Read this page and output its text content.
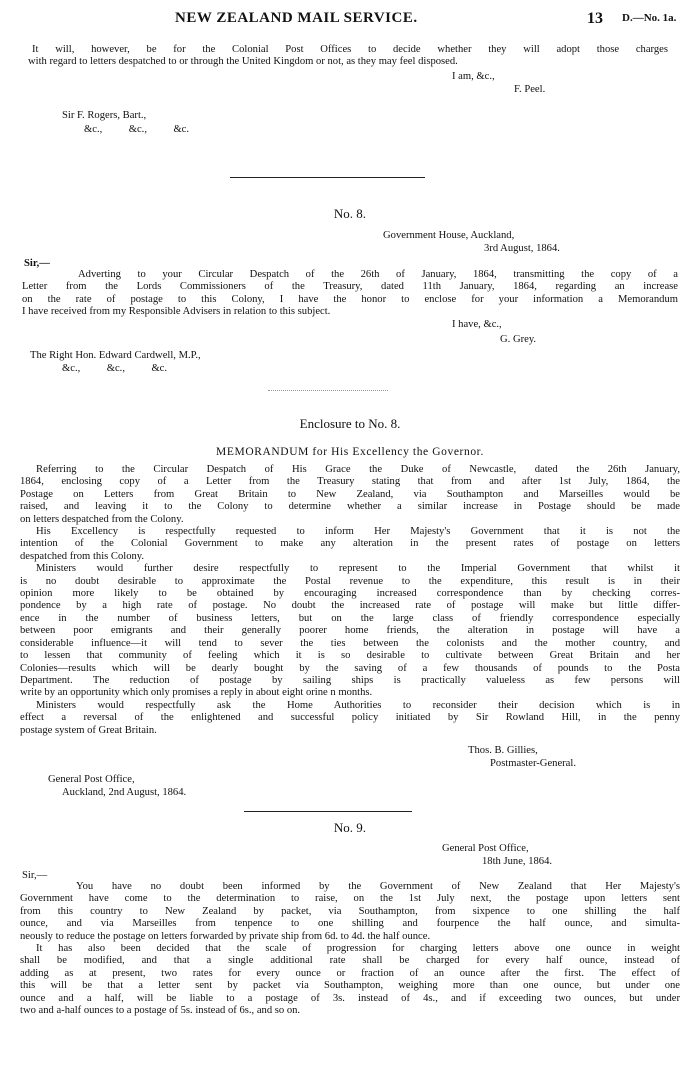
NEW ZEALAND MAIL SERVICE.	13 D.—No. 1a.

It will, however, be for the Colonial Post Offices to decide whether they will adopt those charges

with regard to letters despatched to or through the United Kingdom or not, as they may feel disposed.

I am, &c.,
F. Peel.
Sir F. Rogers, Bart.,
&c.,          &c.,          &c.
No. 8.
Government House, Auckland,
3rd August, 1864.
Sir,—

Adverting to your Circular Despatch of the 26th of January, 1864, transmitting the copy of a

Letter from the Lords Commissioners of the Treasury, dated 11th January, 1864, regarding an increase

on the rate of postage to this Colony, I have the honor to enclose for your information a Memorandum

I have received from my Responsible Advisers in relation to this subject.

I have, &c.,
G. Grey.
The Right Hon. Edward Cardwell, M.P.,
&c.,          &c.,          &c.
Enclosure to No. 8.
MEMORANDUM for His Excellency the Governor.

Referring to the Circular Despatch of His Grace the Duke of Newcastle, dated the 26th January,

1864, enclosing copy of a Letter from the Treasury stating that from and after 1st July, 1864, the

Postage on Letters from Great Britain to New Zealand, via Southampton and Marseilles would be

raised, and leaving it to the Colony to determine whether a similar increase in Postage should be made

on letters despatched from the Colony.

His Excellency is respectfully requested to inform Her Majesty's Government that it is not the

intention of the Colonial Government to make any alteration in the present rates of postage on letters

despatched from this Colony.

Ministers would further desire respectfully to represent to the Imperial Government that whilst it

is no doubt desirable to approximate the Postal revenue to the expenditure, this result is in their

opinion more likely to be obtained by encouraging increased correspondence than by checking corres-

pondence by a high rate of postage. No doubt the increased rate of postage will make but little differ-

ence in the number of business letters, but on the large class of friendly correspondence especially

between poor emigrants and their generally poorer home friends, the alteration in postage will have a

considerable influence—it will tend to sever the ties between the colonists and the mother country, and

to lessen that community of feeling which it is so desirable to cultivate between Great Britain and her

Colonies—results which will be dearly bought by the saving of a few thousands of pounds to the Posta

Department. The reduction of postage by sailing ships is practically valueless as few persons will

write by an opportunity which only promises a reply in about eight orine n months.

Ministers would respectfully ask the Home Authorities to reconsider their decision which is in

effect a reversal of the enlightened and successful policy initiated by Sir Rowland Hill, in the penny

postage system of Great Britain.

Thos. B. Gillies,
Postmaster-General.
General Post Office,
Auckland, 2nd August, 1864.
No. 9.
General Post Office,
18th June, 1864.
Sir,—

You have no doubt been informed by the Government of New Zealand that Her Majesty's

Government have come to the determination to raise, on the 1st July next, the postage upon letters sent

from this country to New Zealand by packet, via Southampton, from sixpence to one shilling the half

ounce, and via Marseilles from tenpence to one shilling and fourpence the half ounce, and simulta-

neously to reduce the postage on letters forwarded by private ship from 6d. to 4d. the half ounce.

It has also been decided that the scale of progression for charging letters above one ounce in weight

shall be modified, and that a single additional rate shall be charged for every half ounce, instead of

adding as at present, two rates for every ounce or fraction of an ounce after the first. The effect of

this will be that a letter sent by packet via Southampton, weighing more than one ounce, but under one

ounce and a half, will be liable to a postage of 3s. instead of 4s., and if exceeding two ounces, but under

two and a-half ounces to a postage of 5s. instead of 6s., and so on.
